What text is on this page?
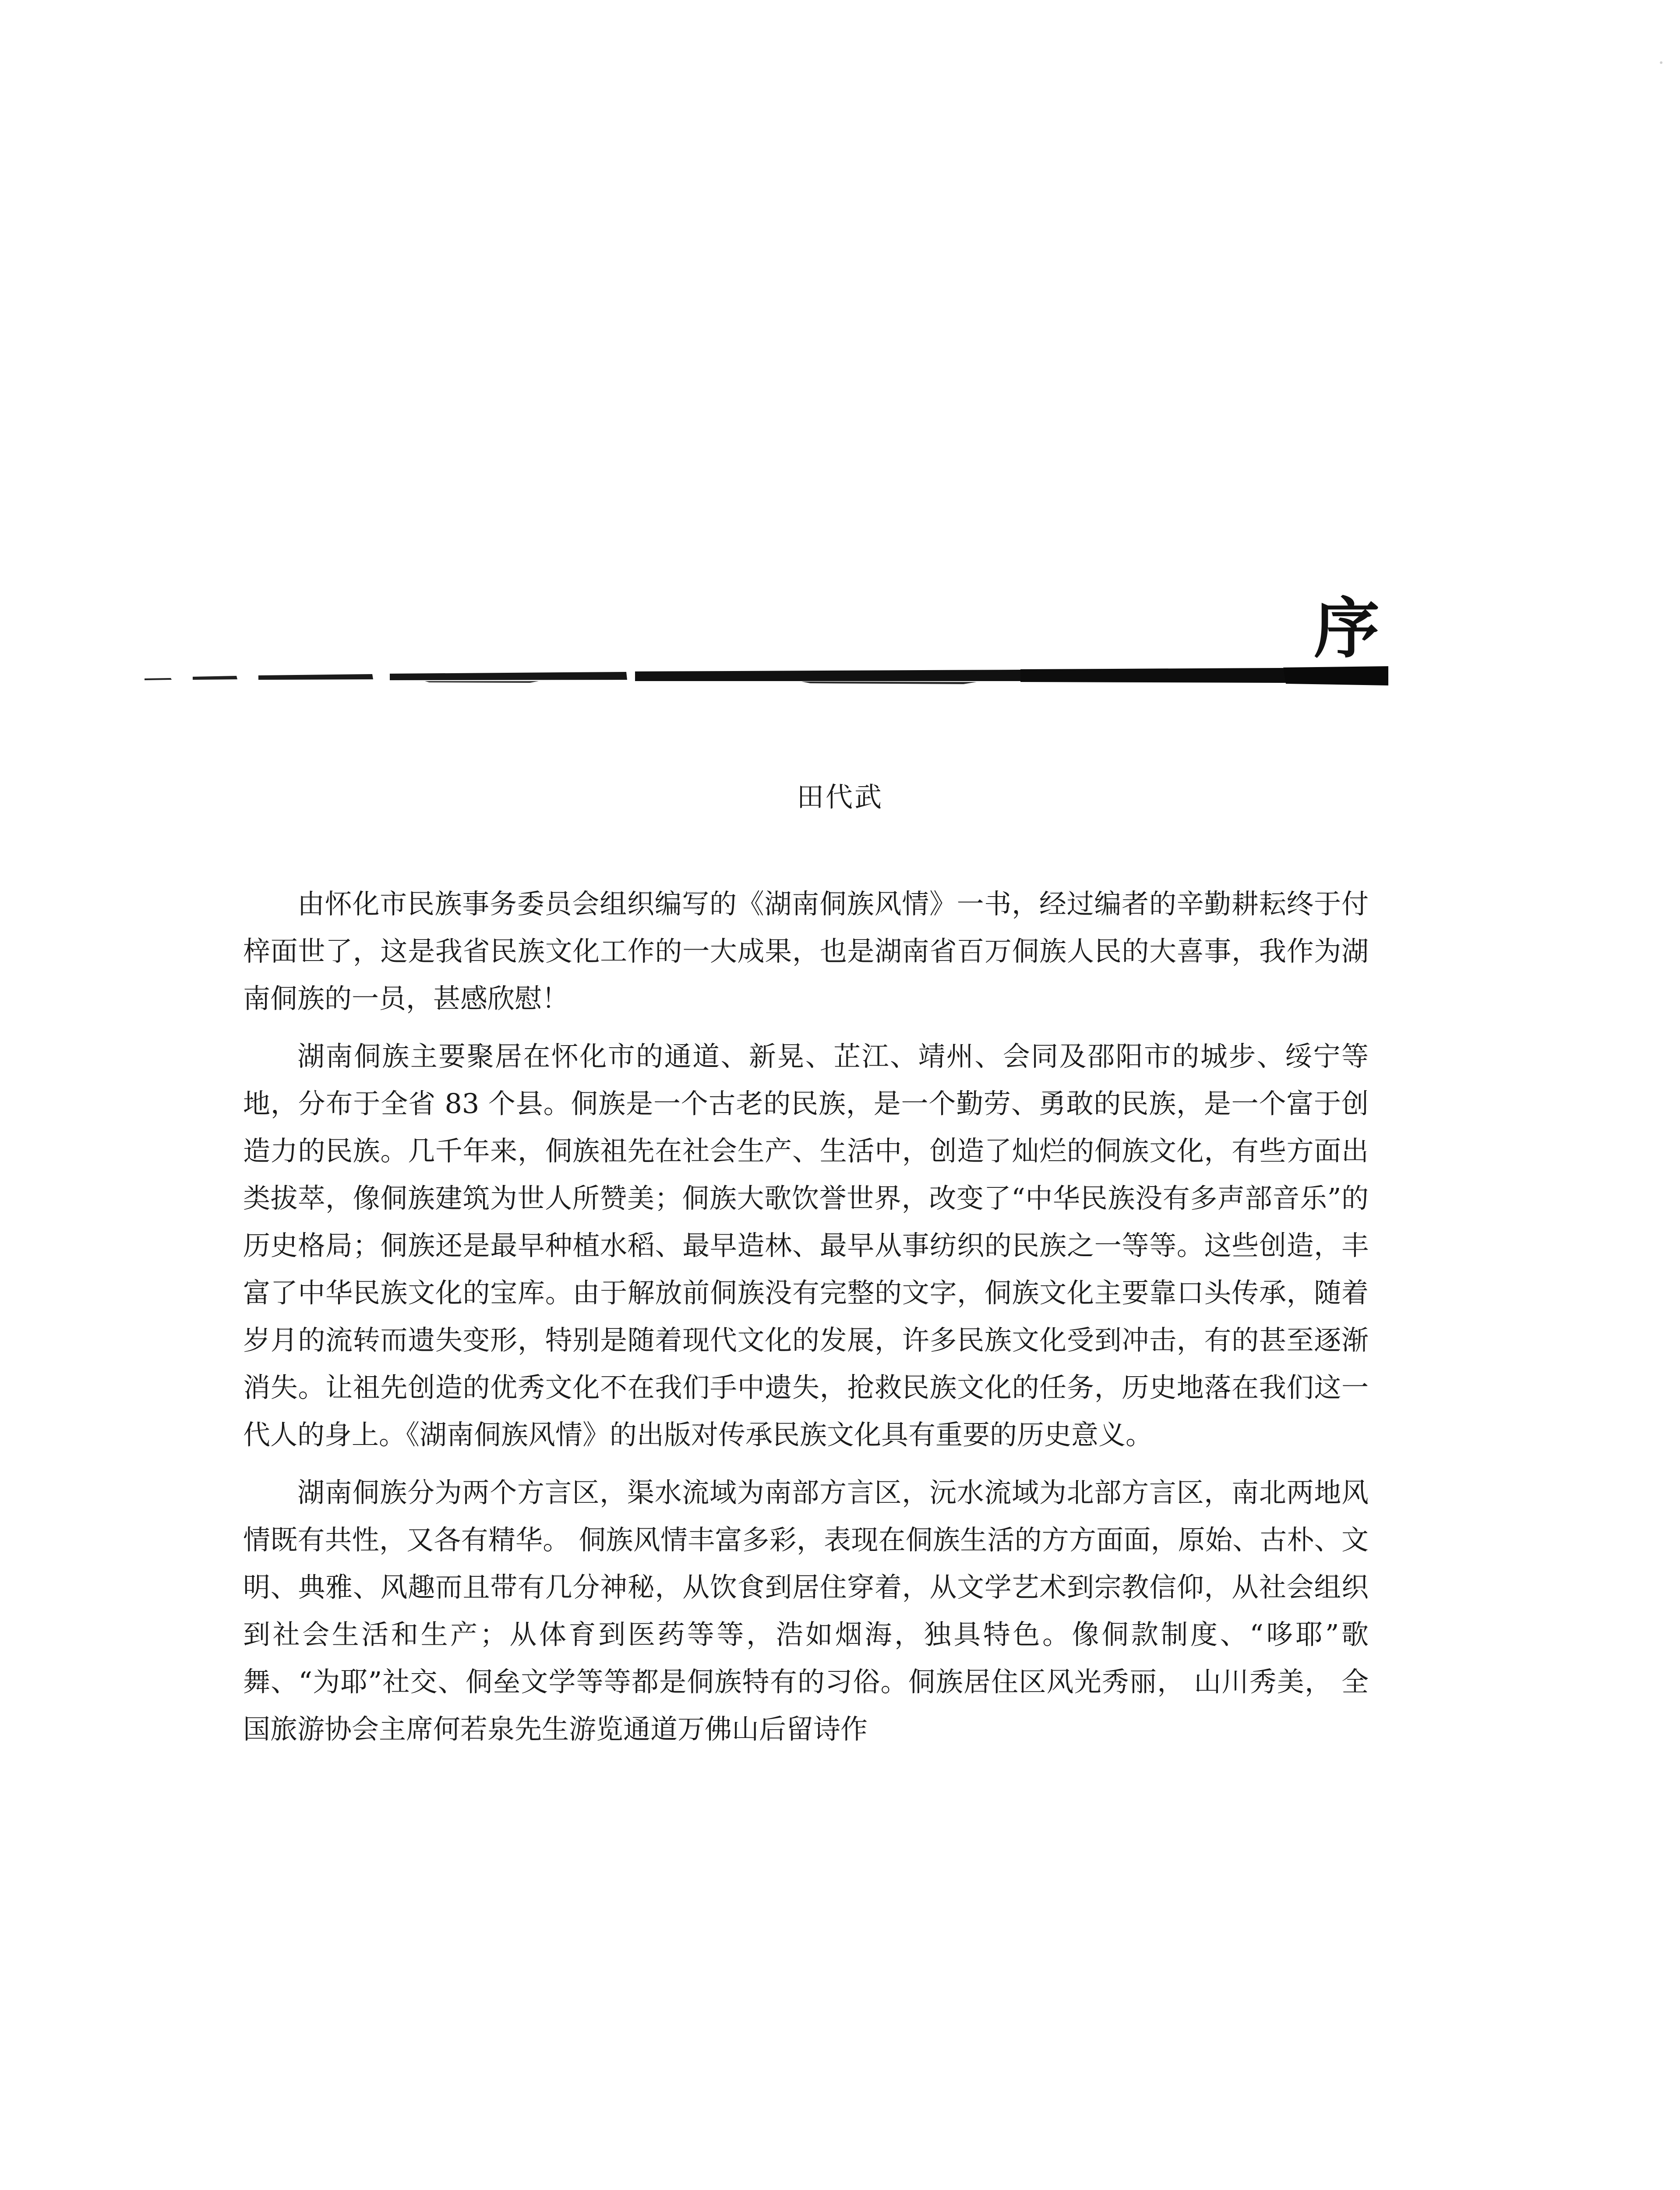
序
田代武

由怀化市民族事务委员会组织编写的《湖南侗族风情》一书，经过编者的辛勤耕耘终于付梓面世了，这是我省民族文化工作的一大成果，也是湖南省百万侗族人民的大喜事，我作为湖南侗族的一员，甚感欣慰！

湖南侗族主要聚居在怀化市的通道、新晃、芷江、靖州、会同及邵阳市的城步、绥宁等地，分布于全省 83 个县。侗族是一个古老的民族，是一个勤劳、勇敢的民族，是一个富于创造力的民族。几千年来，侗族祖先在社会生产、生活中，创造了灿烂的侗族文化，有些方面出类拔萃，像侗族建筑为世人所赞美；侗族大歌饮誉世界，改变了“中华民族没有多声部音乐”的历史格局；侗族还是最早种植水稻、最早造林、最早从事纺织的民族之一等等。这些创造，丰富了中华民族文化的宝库。由于解放前侗族没有完整的文字，侗族文化主要靠口头传承，随着岁月的流转而遗失变形，特别是随着现代文化的发展，许多民族文化受到冲击，有的甚至逐渐消失。让祖先创造的优秀文化不在我们手中遗失，抢救民族文化的任务，历史地落在我们这一代人的身上。《湖南侗族风情》的出版对传承民族文化具有重要的历史意义。

湖南侗族分为两个方言区，渠水流域为南部方言区，沅水流域为北部方言区，南北两地风情既有共性，又各有精华。 侗族风情丰富多彩，表现在侗族生活的方方面面，原始、古朴、文明、典雅、风趣而且带有几分神秘，从饮食到居住穿着，从文学艺术到宗教信仰，从社会组织到社会生活和生产；从体育到医药等等，浩如烟海，独具特色。像侗款制度、“哆耶”歌舞、“为耶”社交、侗垒文学等等都是侗族特有的习俗。侗族居住区风光秀丽， 山川秀美， 全国旅游协会主席何若泉先生游览通道万佛山后留诗作
